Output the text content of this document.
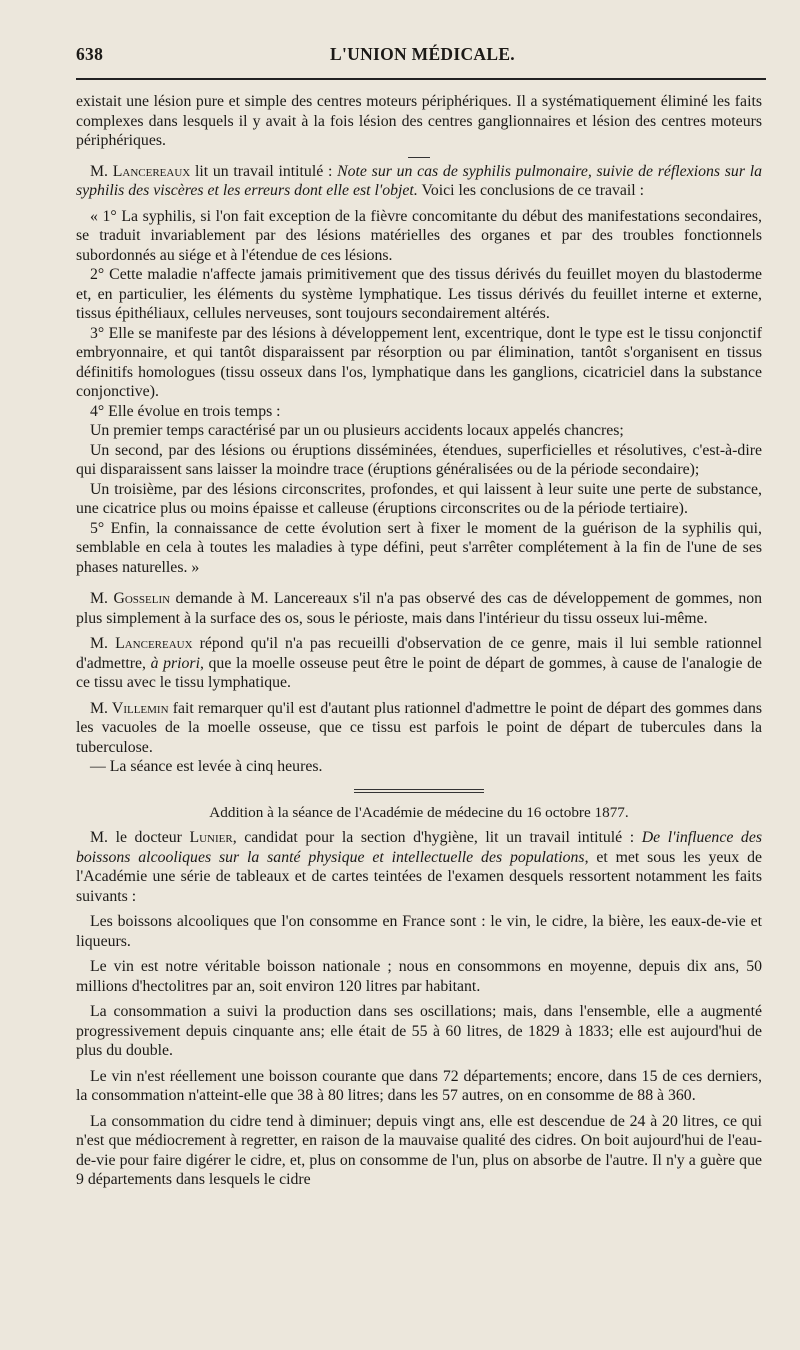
638	L'UNION MÉDICALE.

existait une lésion pure et simple des centres moteurs périphériques. Il a systématiquement éliminé les faits complexes dans lesquels il y avait à la fois lésion des centres ganglionnaires et lésion des centres moteurs périphériques.

M. Lancereaux lit un travail intitulé : Note sur un cas de syphilis pulmonaire, suivie de réflexions sur la syphilis des viscères et les erreurs dont elle est l'objet. Voici les conclusions de ce travail :

« 1° La syphilis, si l'on fait exception de la fièvre concomitante du début des manifestations secondaires, se traduit invariablement par des lésions matérielles des organes et par des troubles fonctionnels subordonnés au siége et à l'étendue de ces lésions.

2° Cette maladie n'affecte jamais primitivement que des tissus dérivés du feuillet moyen du blastoderme et, en particulier, les éléments du système lymphatique. Les tissus dérivés du feuillet interne et externe, tissus épithéliaux, cellules nerveuses, sont toujours secondairement altérés.

3° Elle se manifeste par des lésions à développement lent, excentrique, dont le type est le tissu conjonctif embryonnaire, et qui tantôt disparaissent par résorption ou par élimination, tantôt s'organisent en tissus définitifs homologues (tissu osseux dans l'os, lymphatique dans les ganglions, cicatriciel dans la substance conjonctive).

4° Elle évolue en trois temps :

Un premier temps caractérisé par un ou plusieurs accidents locaux appelés chancres;

Un second, par des lésions ou éruptions disséminées, étendues, superficielles et résolutives, c'est-à-dire qui disparaissent sans laisser la moindre trace (éruptions généralisées ou de la période secondaire);

Un troisième, par des lésions circonscrites, profondes, et qui laissent à leur suite une perte de substance, une cicatrice plus ou moins épaisse et calleuse (éruptions circonscrites ou de la période tertiaire).

5° Enfin, la connaissance de cette évolution sert à fixer le moment de la guérison de la syphilis qui, semblable en cela à toutes les maladies à type défini, peut s'arrêter complétement à la fin de l'une de ses phases naturelles. »

M. Gosselin demande à M. Lancereaux s'il n'a pas observé des cas de développement de gommes, non plus simplement à la surface des os, sous le périoste, mais dans l'intérieur du tissu osseux lui-même.

M. Lancereaux répond qu'il n'a pas recueilli d'observation de ce genre, mais il lui semble rationnel d'admettre, à priori, que la moelle osseuse peut être le point de départ de gommes, à cause de l'analogie de ce tissu avec le tissu lymphatique.

M. Villemin fait remarquer qu'il est d'autant plus rationnel d'admettre le point de départ des gommes dans les vacuoles de la moelle osseuse, que ce tissu est parfois le point de départ de tubercules dans la tuberculose.

— La séance est levée à cinq heures.

Addition à la séance de l'Académie de médecine du 16 octobre 1877.

M. le docteur Lunier, candidat pour la section d'hygiène, lit un travail intitulé : De l'influence des boissons alcooliques sur la santé physique et intellectuelle des populations, et met sous les yeux de l'Académie une série de tableaux et de cartes teintées de l'examen desquels ressortent notamment les faits suivants :

Les boissons alcooliques que l'on consomme en France sont : le vin, le cidre, la bière, les eaux-de-vie et liqueurs.

Le vin est notre véritable boisson nationale ; nous en consommons en moyenne, depuis dix ans, 50 millions d'hectolitres par an, soit environ 120 litres par habitant.

La consommation a suivi la production dans ses oscillations; mais, dans l'ensemble, elle a augmenté progressivement depuis cinquante ans; elle était de 55 à 60 litres, de 1829 à 1833; elle est aujourd'hui de plus du double.

Le vin n'est réellement une boisson courante que dans 72 départements; encore, dans 15 de ces derniers, la consommation n'atteint-elle que 38 à 80 litres; dans les 57 autres, on en consomme de 88 à 360.

La consommation du cidre tend à diminuer; depuis vingt ans, elle est descendue de 24 à 20 litres, ce qui n'est que médiocrement à regretter, en raison de la mauvaise qualité des cidres. On boit aujourd'hui de l'eau-de-vie pour faire digérer le cidre, et, plus on consomme de l'un, plus on absorbe de l'autre. Il n'y a guère que 9 départements dans lesquels le cidre
